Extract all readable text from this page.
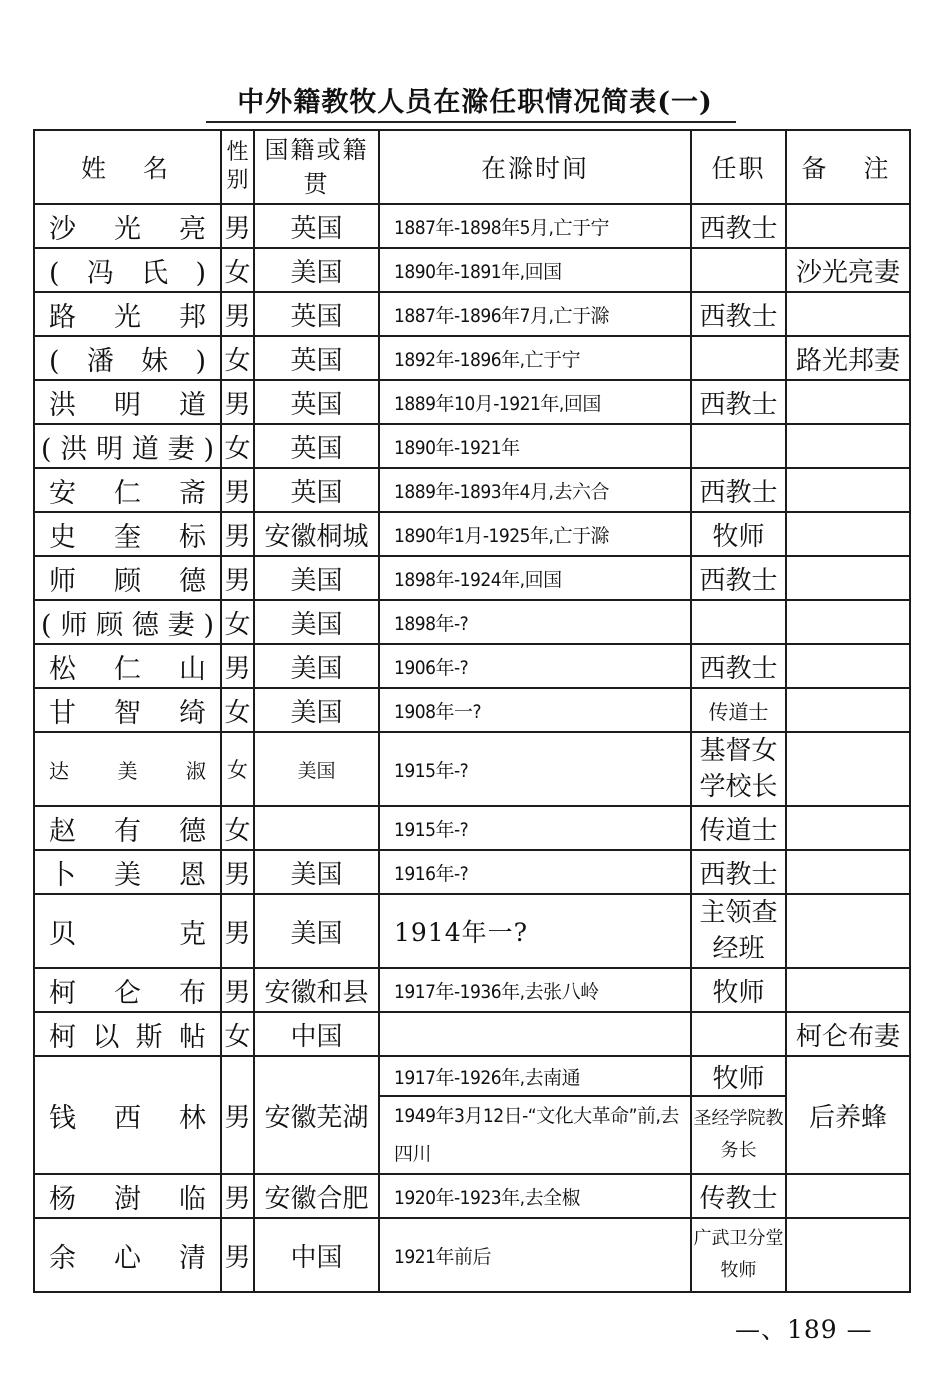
中外籍教牧人员在滁任职情况简表(一)
姓　名	性别	国籍或籍　贯	在滁时间	任职	备　注
沙光亮	男	英国	1887年-1898年5月,亡于宁	西教士	
(冯氏)	女	美国	1890年-1891年,回国		沙光亮妻
路光邦	男	英国	1887年-1896年7月,亡于滁	西教士	
(潘妹)	女	英国	1892年-1896年,亡于宁		路光邦妻
洪明道	男	英国	1889年10月-1921年,回国	西教士	
(洪明道妻)	女	英国	1890年-1921年		
安仁斋	男	英国	1889年-1893年4月,去六合	西教士	
史奎标	男	安徽桐城	1890年1月-1925年,亡于滁	牧师	
师顾德	男	美国	1898年-1924年,回国	西教士	
(师顾德妻)	女	美国	1898年-?		
松仁山	男	美国	1906年-?	西教士	
甘智绮	女	美国	1908年一?	传道士	
达美淑	女	美国	1915年-?	基督女学校长	
赵有德	女		1915年-?	传道士	
卜美恩	男	美国	1916年-?	西教士	
贝克	男	美国	1914年一?	主领查经班	
柯仑布	男	安徽和县	1917年-1936年,去张八岭	牧师	
柯以斯帖	女	中国			柯仑布妻
钱西林	男	安徽芜湖	1917年-1926年,去南通	牧师	后养蜂
			1949年3月12日-“文化大革命”前,去四川	圣经学院教务长	
杨澍临	男	安徽合肥	1920年-1923年,去全椒	传教士	
余心清	男	中国	1921年前后	广武卫分堂牧师	
—、189 —
